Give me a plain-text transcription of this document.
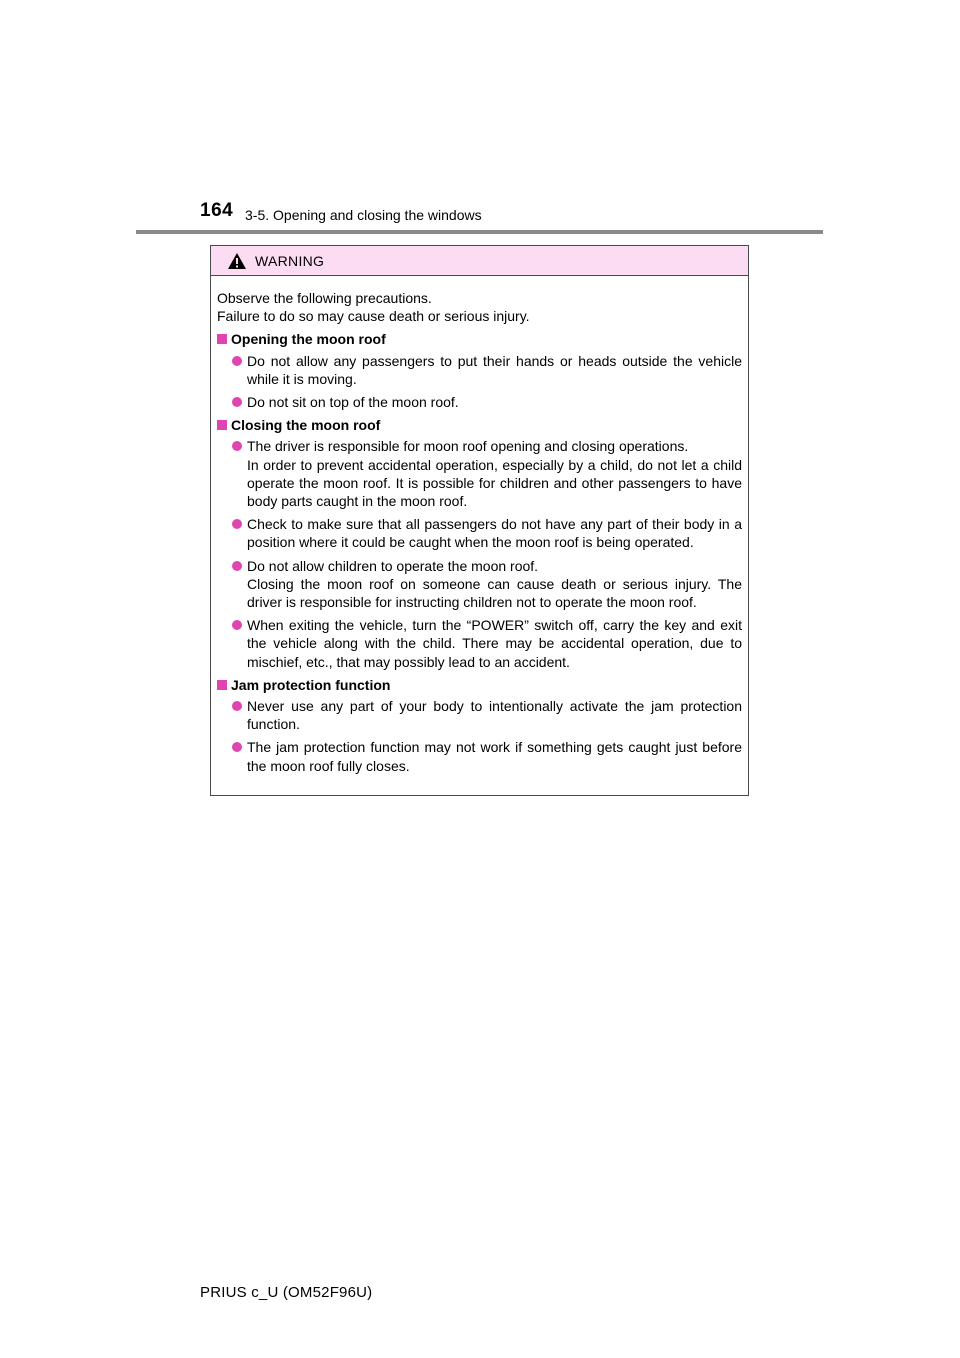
164 3-5. Opening and closing the windows
WARNING

Observe the following precautions.

Failure to do so may cause death or serious injury.

Opening the moon roof

Do not allow any passengers to put their hands or heads outside the vehicle while it is moving.

Do not sit on top of the moon roof.

Closing the moon roof

The driver is responsible for moon roof opening and closing operations.

In order to prevent accidental operation, especially by a child, do not let a child operate the moon roof. It is possible for children and other passengers to have body parts caught in the moon roof.

Check to make sure that all passengers do not have any part of their body in a position where it could be caught when the moon roof is being operated.

Do not allow children to operate the moon roof.

Closing the moon roof on someone can cause death or serious injury. The driver is responsible for instructing children not to operate the moon roof.

When exiting the vehicle, turn the “POWER” switch off, carry the key and exit the vehicle along with the child. There may be accidental operation, due to mischief, etc., that may possibly lead to an accident.

Jam protection function

Never use any part of your body to intentionally activate the jam protection function.

The jam protection function may not work if something gets caught just before the moon roof fully closes.

PRIUS c_U (OM52F96U)
